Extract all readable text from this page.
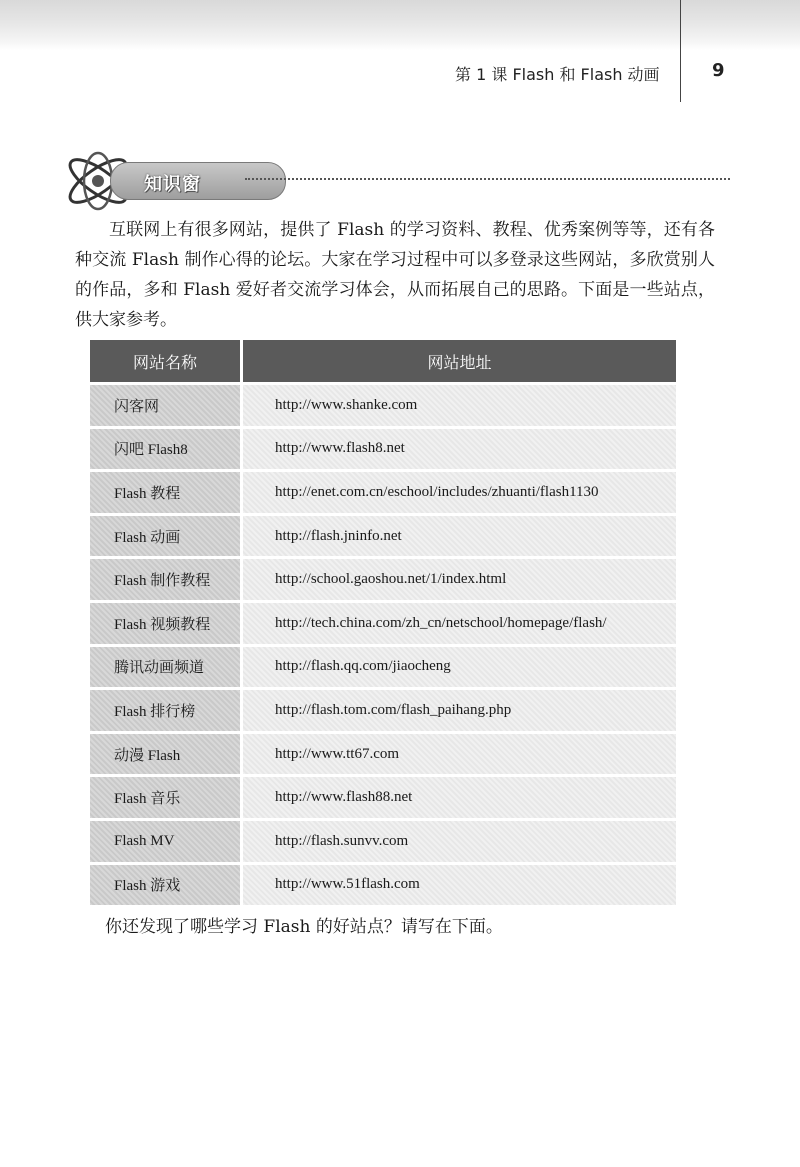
第 1 课 Flash 和 Flash 动画	9
知识窗

互联网上有很多网站，提供了 Flash 的学习资料、教程、优秀案例等等，还有各种交流 Flash 制作心得的论坛。大家在学习过程中可以多登录这些网站，多欣赏别人的作品，多和 Flash 爱好者交流学习体会，从而拓展自己的思路。下面是一些站点，供大家参考。

网站名称	网站地址
闪客网	http://www.shanke.com
闪吧 Flash8	http://www.flash8.net
Flash 教程	http://enet.com.cn/eschool/includes/zhuanti/flash1130
Flash 动画	http://flash.jninfo.net
Flash 制作教程	http://school.gaoshou.net/1/index.html
Flash 视频教程	http://tech.china.com/zh_cn/netschool/homepage/flash/
腾讯动画频道	http://flash.qq.com/jiaocheng
Flash 排行榜	http://flash.tom.com/flash_paihang.php
动漫 Flash	http://www.tt67.com
Flash 音乐	http://www.flash88.net
Flash MV	http://flash.sunvv.com
Flash 游戏	http://www.51flash.com

你还发现了哪些学习 Flash 的好站点？请写在下面。
